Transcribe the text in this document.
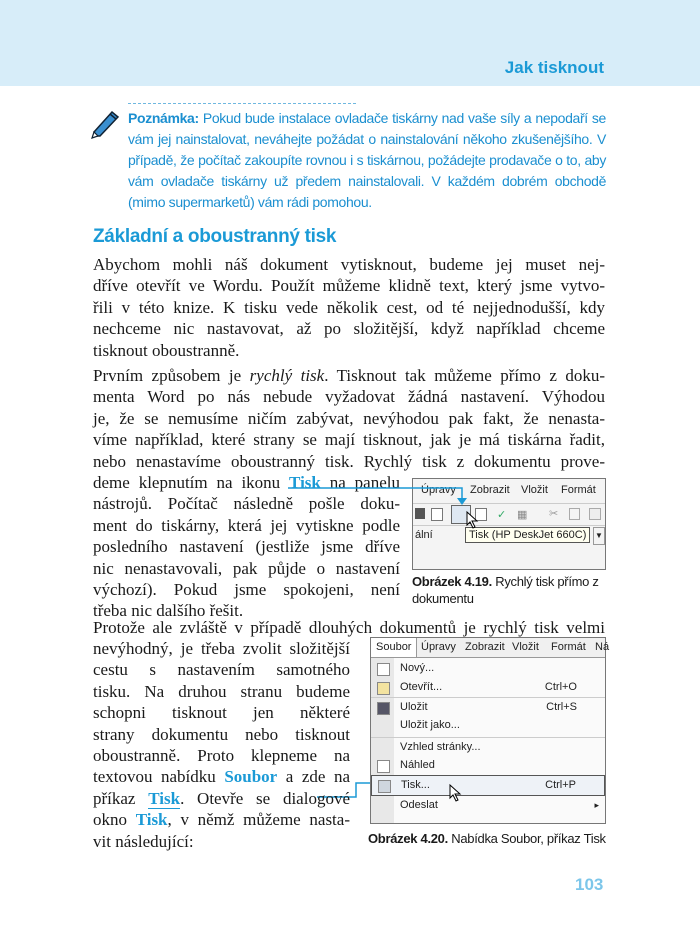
Jak tisknout
Poznámka: Pokud bude instalace ovladače tiskárny nad vaše síly a nepodaří se vám jej nainstalovat, neváhejte požádat o nainstalování někoho zkušenějšího. V případě, že počítač zakoupíte rovnou i s tiskárnou, požádejte prodavače o to, aby vám ovladače tiskárny už předem nainstalovali. V každém dobrém obchodě (mimo supermarketů) vám rádi pomohou.
Základní a oboustranný tisk
Abychom mohli náš dokument vytisknout, budeme jej muset nej-
dříve otevřít ve Wordu. Použít můžeme klidně text, který jsme vytvo-
řili v této knize. K tisku vede několik cest, od té nejjednodušší, kdy
nechceme nic nastavovat, až po složitější, když například chceme
tisknout oboustranně.
Prvním způsobem je rychlý tisk. Tisknout tak můžeme přímo z doku-
menta Word po nás nebude vyžadovat žádná nastavení. Výhodou
je, že se nemusíme ničím zabývat, nevýhodou pak fakt, že nenasta-
víme například, které strany se mají tisknout, jak je má tiskárna řadit,
nebo nenastavíme oboustranný tisk. Rychlý tisk z dokumentu prove-
deme klepnutím na ikonu Tisk na panelu
nástrojů. Počítač následně pošle doku-
ment do tiskárny, která jej vytiskne podle
posledního nastavení (jestliže jsme dříve
nic nenastavovali, pak půjde o nastavení
výchozí). Pokud jsme spokojeni, není
třeba nic dalšího řešit.
Úpravy Zobrazit Vložit Formát
✓ ▦ ✂
ální	Tisk (HP DeskJet 660C)	▼
Obrázek 4.19. Rychlý tisk přímo z dokumentu
Protože ale zvláště v případě dlouhých dokumentů je rychlý tisk velmi
nevýhodný, je třeba zvolit složitější
cestu s nastavením samotného
tisku. Na druhou stranu budeme
schopni tisknout jen některé
strany dokumentu nebo tisknout
oboustranně. Proto klepneme na
textovou nabídku Soubor a zde na
příkaz Tisk. Otevře se dialogové
okno Tisk, v němž můžeme nasta-
vit následující:
Soubor Úpravy Zobrazit Vložit Formát Ná
Nový...
Otevřít...	Ctrl+O
Uložit	Ctrl+S
Uložit jako...
Vzhled stránky...
Náhled
Tisk...	Ctrl+P
Odeslat	▸
Obrázek 4.20. Nabídka Soubor, příkaz Tisk
103
